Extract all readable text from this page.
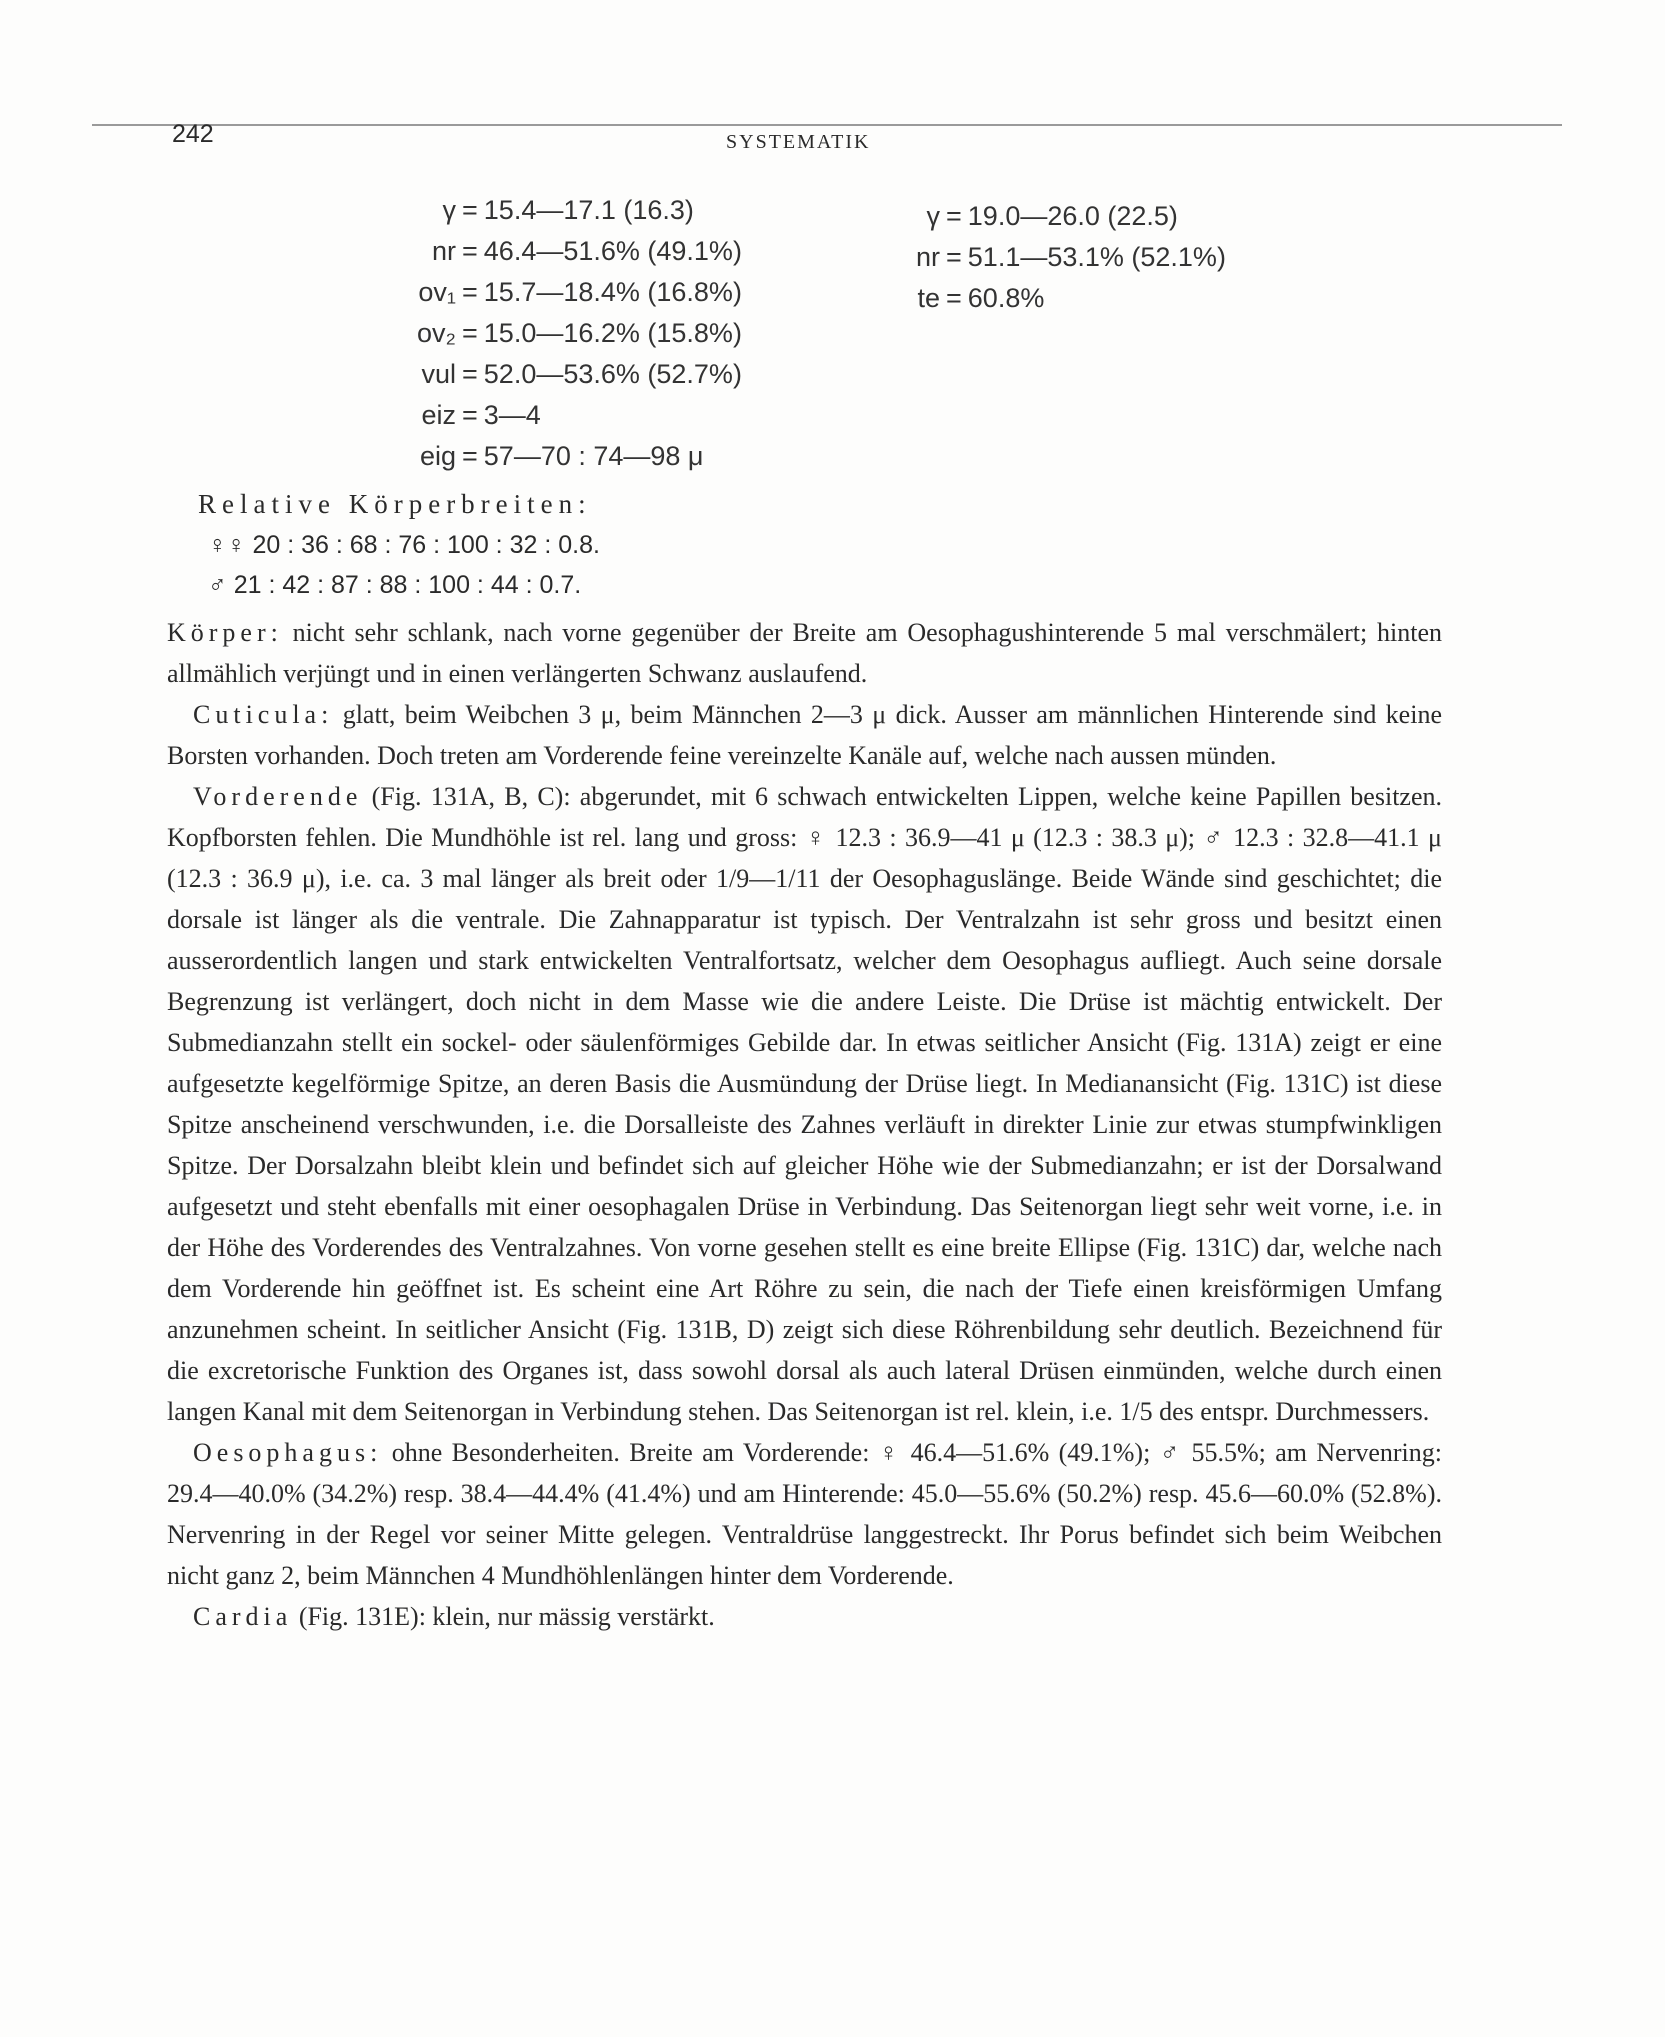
242	SYSTEMATIK
γ = 15.4—17.1 (16.3)
nr = 46.4—51.6% (49.1%)
ov₁ = 15.7—18.4% (16.8%)
ov₂ = 15.0—16.2% (15.8%)
vul = 52.0—53.6% (52.7%)
eiz = 3—4
eig = 57—70 : 74—98 μ
γ = 19.0—26.0 (22.5)
nr = 51.1—53.1% (52.1%)
te = 60.8%
Relative Körperbreiten:
♀♀ 20 : 36 : 68 : 76 : 100 : 32 : 0.8.
♂ 21 : 42 : 87 : 88 : 100 : 44 : 0.7.

Körper: nicht sehr schlank, nach vorne gegenüber der Breite am Oesophagushinterende 5 mal verschmälert; hinten allmählich verjüngt und in einen verlängerten Schwanz auslaufend.

Cuticula: glatt, beim Weibchen 3 μ, beim Männchen 2—3 μ dick. Ausser am männlichen Hinterende sind keine Borsten vorhanden. Doch treten am Vorderende feine vereinzelte Kanäle auf, welche nach aussen münden.

Vorderende (Fig. 131A, B, C): abgerundet, mit 6 schwach entwickelten Lippen, welche keine Papillen besitzen. Kopfborsten fehlen. Die Mundhöhle ist rel. lang und gross: ♀ 12.3 : 36.9—41 μ (12.3 : 38.3 μ); ♂ 12.3 : 32.8—41.1 μ (12.3 : 36.9 μ), i.e. ca. 3 mal länger als breit oder 1/9—1/11 der Oesophaguslänge. Beide Wände sind geschichtet; die dorsale ist länger als die ventrale. Die Zahnapparatur ist typisch. Der Ventralzahn ist sehr gross und besitzt einen ausserordentlich langen und stark entwickelten Ventralfortsatz, welcher dem Oesophagus aufliegt. Auch seine dorsale Begrenzung ist verlängert, doch nicht in dem Masse wie die andere Leiste. Die Drüse ist mächtig entwickelt. Der Submedianzahn stellt ein sockel- oder säulenförmiges Gebilde dar. In etwas seitlicher Ansicht (Fig. 131A) zeigt er eine aufgesetzte kegelförmige Spitze, an deren Basis die Ausmündung der Drüse liegt. In Medianansicht (Fig. 131C) ist diese Spitze anscheinend verschwunden, i.e. die Dorsalleiste des Zahnes verläuft in direkter Linie zur etwas stumpfwinkligen Spitze. Der Dorsalzahn bleibt klein und befindet sich auf gleicher Höhe wie der Submedianzahn; er ist der Dorsalwand aufgesetzt und steht ebenfalls mit einer oesophagalen Drüse in Verbindung. Das Seitenorgan liegt sehr weit vorne, i.e. in der Höhe des Vorderendes des Ventralzahnes. Von vorne gesehen stellt es eine breite Ellipse (Fig. 131C) dar, welche nach dem Vorderende hin geöffnet ist. Es scheint eine Art Röhre zu sein, die nach der Tiefe einen kreisförmigen Umfang anzunehmen scheint. In seitlicher Ansicht (Fig. 131B, D) zeigt sich diese Röhrenbildung sehr deutlich. Bezeichnend für die excretorische Funktion des Organes ist, dass sowohl dorsal als auch lateral Drüsen einmünden, welche durch einen langen Kanal mit dem Seitenorgan in Verbindung stehen. Das Seitenorgan ist rel. klein, i.e. 1/5 des entspr. Durchmessers.

Oesophagus: ohne Besonderheiten. Breite am Vorderende: ♀ 46.4—51.6% (49.1%); ♂ 55.5%; am Nervenring: 29.4—40.0% (34.2%) resp. 38.4—44.4% (41.4%) und am Hinterende: 45.0—55.6% (50.2%) resp. 45.6—60.0% (52.8%). Nervenring in der Regel vor seiner Mitte gelegen. Ventraldrüse langgestreckt. Ihr Porus befindet sich beim Weibchen nicht ganz 2, beim Männchen 4 Mundhöhlenlängen hinter dem Vorderende.

Cardia (Fig. 131E): klein, nur mässig verstärkt.
